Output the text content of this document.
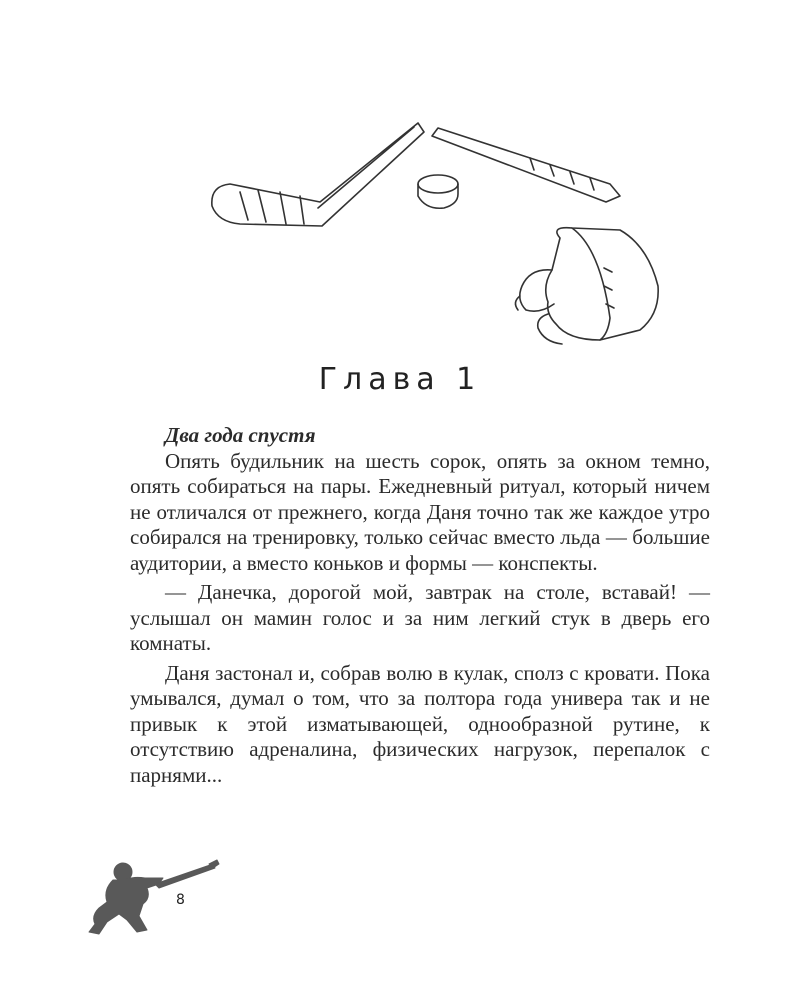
Глава 1

Два года спустя

Опять будильник на шесть сорок, опять за окном темно, опять собираться на пары. Ежедневный ритуал, который ничем не отличался от прежнего, когда Даня точно так же каждое утро собирался на тренировку, только сейчас вместо льда — большие аудитории, а вместо коньков и формы — конспекты.

— Данечка, дорогой мой, завтрак на столе, вставай! — услышал он мамин голос и за ним легкий стук в дверь его комнаты.

Даня застонал и, собрав волю в кулак, сполз с кровати. Пока умывался, думал о том, что за полтора года универа так и не привык к этой изматывающей, однообразной рутине, к отсутствию адреналина, физических нагрузок, перепалок с парнями...

8
